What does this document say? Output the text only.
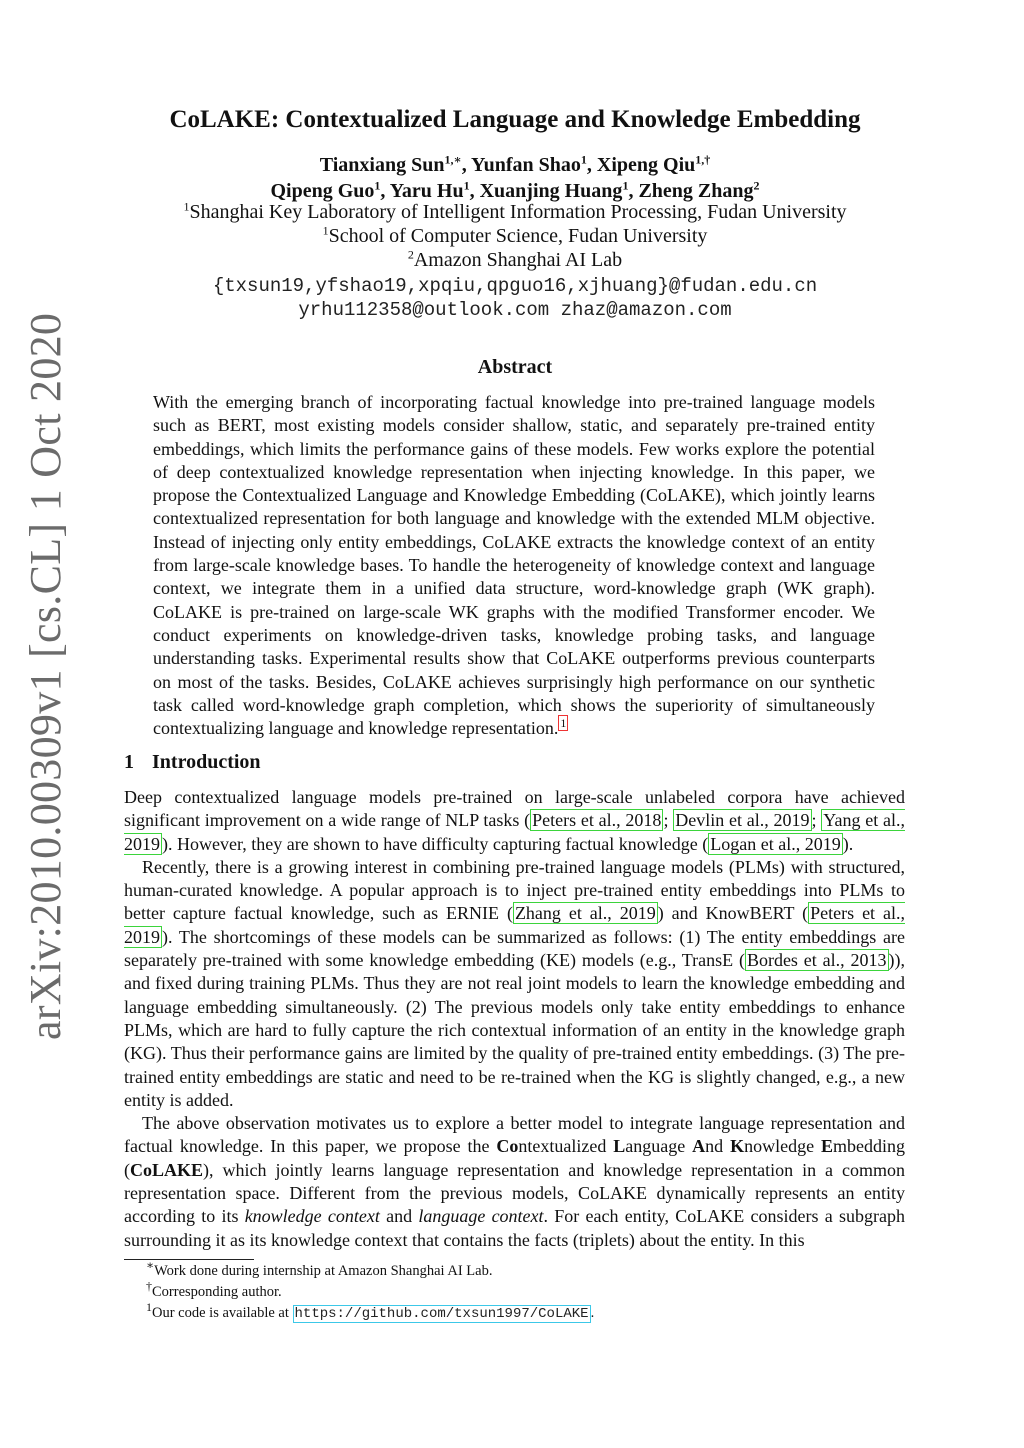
arXiv:2010.00309v1 [cs.CL] 1 Oct 2020
CoLAKE: Contextualized Language and Knowledge Embedding
Tianxiang Sun$^{1,∗}$, Yunfan Shao$^1$, Xipeng Qiu$^{1,\dagger}$
Qipeng Guo$^1$, Yaru Hu$^1$, Xuanjing Huang$^1$, Zheng Zhang$^2$
$^1$Shanghai Key Laboratory of Intelligent Information Processing, Fudan University
$^1$School of Computer Science, Fudan University
$^2$Amazon Shanghai AI Lab
{txsun19,yfshao19,xpqiu,qpguo16,xjhuang}@fudan.edu.cn
yrhu112358@outlook.com zhaz@amazon.com
Abstract
With the emerging branch of incorporating factual knowledge into pre-trained language models such as BERT, most existing models consider shallow, static, and separately pre-trained entity embeddings, which limits the performance gains of these models. Few works explore the potential of deep contextualized knowledge representation when injecting knowledge. In this paper, we propose the Contextualized Language and Knowledge Embedding (CoLAKE), which jointly learns contextualized representation for both language and knowledge with the extended MLM objective. Instead of injecting only entity embeddings, CoLAKE extracts the knowledge context of an entity from large-scale knowledge bases. To handle the heterogeneity of knowledge context and language context, we integrate them in a unified data structure, word-knowledge graph (WK graph). CoLAKE is pre-trained on large-scale WK graphs with the modified Transformer encoder. We conduct experiments on knowledge-driven tasks, knowledge probing tasks, and language understanding tasks. Experimental results show that CoLAKE outperforms previous counterparts on most of the tasks. Besides, CoLAKE achieves surprisingly high performance on our synthetic task called word-knowledge graph completion, which shows the superiority of simultaneously contextualizing language and knowledge representation. $^1$
1 Introduction

Deep contextualized language models pre-trained on large-scale unlabeled corpora have achieved significant improvement on a wide range of NLP tasks ( Peters et al., 2018 ; Devlin et al., 2019 ; Yang et al., 2019 ). However, they are shown to have difficulty capturing factual knowledge ( Logan et al., 2019 ).

Recently, there is a growing interest in combining pre-trained language models (PLMs) with structured, human-curated knowledge. A popular approach is to inject pre-trained entity embeddings into PLMs to better capture factual knowledge, such as ERNIE ( Zhang et al., 2019 ) and KnowBERT ( Peters et al., 2019 ). The shortcomings of these models can be summarized as follows: (1) The entity embeddings are separately pre-trained with some knowledge embedding (KE) models (e.g., TransE ( Bordes et al., 2013 )), and fixed during training PLMs. Thus they are not real joint models to learn the knowledge embedding and language embedding simultaneously. (2) The previous models only take entity embeddings to enhance PLMs, which are hard to fully capture the rich contextual information of an entity in the knowledge graph (KG). Thus their performance gains are limited by the quality of pre-trained entity embeddings. (3) The pre-trained entity embeddings are static and need to be re-trained when the KG is slightly changed, e.g., a new entity is added.

The above observation motivates us to explore a better model to integrate language representation and factual knowledge. In this paper, we propose the Contextualized Language And Knowledge Embedding (CoLAKE), which jointly learns language representation and knowledge representation in a common representation space. Different from the previous models, CoLAKE dynamically represents an entity according to its knowledge context and language context. For each entity, CoLAKE considers a subgraph surrounding it as its knowledge context that contains the facts (triplets) about the entity. In this

∗Work done during internship at Amazon Shanghai AI Lab.
†Corresponding author.
$^1$Our code is available at https://github.com/txsun1997/CoLAKE .
